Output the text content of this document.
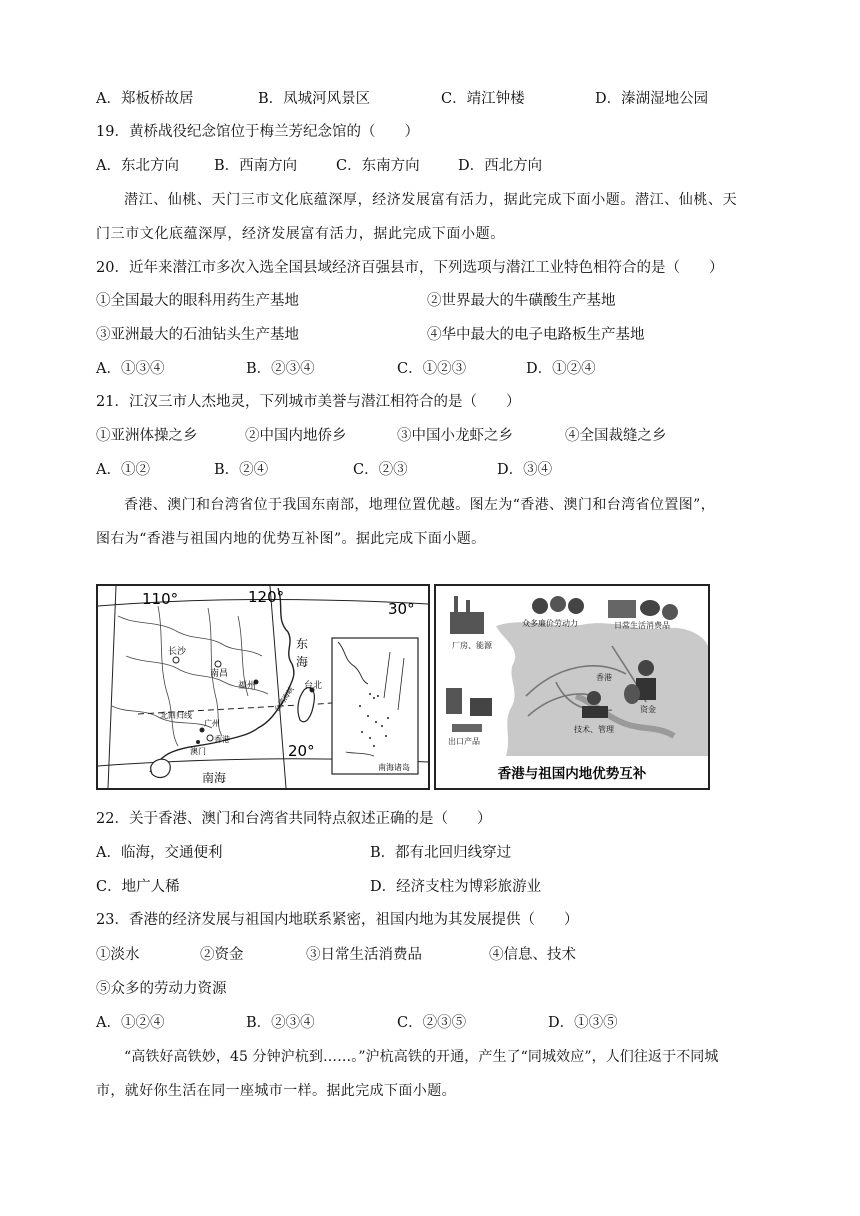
A．郑板桥故居	B．凤城河风景区	C．靖江钟楼	D．溱湖湿地公园
19．黄桥战役纪念馆位于梅兰芳纪念馆的（　　）
A．东北方向 B．西南方向	C．东南方向	D．西北方向
潜江、仙桃、天门三市文化底蕴深厚，经济发展富有活力，据此完成下面小题。潜江、仙桃、天
门三市文化底蕴深厚，经济发展富有活力，据此完成下面小题。
20．近年来潜江市多次入选全国县域经济百强县市，下列选项与潜江工业特色相符合的是（　　）
①全国最大的眼科用药生产基地	②世界最大的牛磺酸生产基地
③亚洲最大的石油钻头生产基地	④华中最大的电子电路板生产基地
A．①③④	B．②③④	C．①②③	D．①②④
21．江汉三市人杰地灵，下列城市美誉与潜江相符合的是（　　）
①亚洲体操之乡	②中国内地侨乡	③中国小龙虾之乡	④全国裁缝之乡
A．①②	B．②④	C．②③	D．③④
香港、澳门和台湾省位于我国东南部，地理位置优越。图左为“香港、澳门和台湾省位置图”，
图右为“香港与祖国内地的优势互补图”。据此完成下面小题。
110°	120°
30°
20°
长沙
南昌
福州	台北
东
海
广州
香港
澳门
北回归线
台湾海峡
南海
南海诸岛
众多廉价劳动力	日常生活消费品
厂房、能源
香港
出口产品
资金
技术、管理
香港与祖国内地优势互补
22．关于香港、澳门和台湾省共同特点叙述正确的是（　　）
A．临海，交通便利	B．都有北回归线穿过
C．地广人稀	D．经济支柱为博彩旅游业
23．香港的经济发展与祖国内地联系紧密，祖国内地为其发展提供（　　）
①淡水	②资金	③日常生活消费品	④信息、技术
⑤众多的劳动力资源
A．①②④	B．②③④	C．②③⑤	D．①③⑤
“高铁好高铁妙，45 分钟沪杭到……。”沪杭高铁的开通，产生了“同城效应”，人们往返于不同城
市，就好你生活在同一座城市一样。据此完成下面小题。
